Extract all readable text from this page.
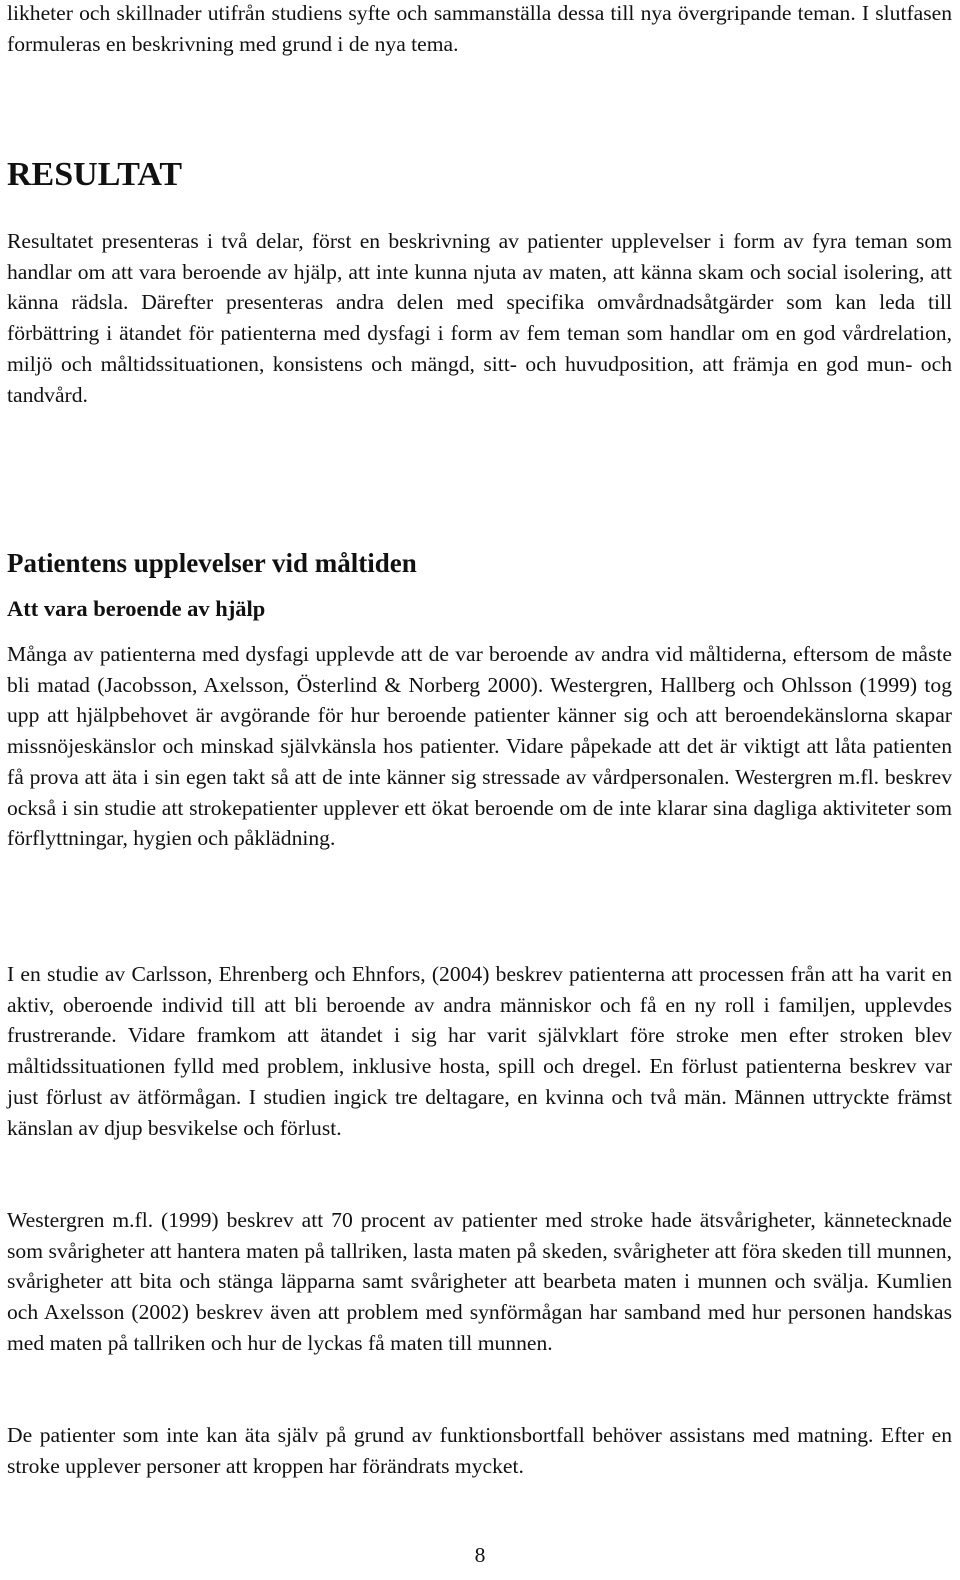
likheter och skillnader utifrån studiens syfte och sammanställa dessa till nya övergripande teman. I slutfasen formuleras en beskrivning med grund i de nya tema.

RESULTAT

Resultatet presenteras i två delar, först en beskrivning av patienter upplevelser i form av fyra teman som handlar om att vara beroende av hjälp, att inte kunna njuta av maten, att känna skam och social isolering, att känna rädsla. Därefter presenteras andra delen med specifika omvårdnadsåtgärder som kan leda till förbättring i ätandet för patienterna med dysfagi i form av fem teman som handlar om en god vårdrelation, miljö och måltidssituationen, konsistens och mängd, sitt- och huvudposition, att främja en god mun- och tandvård.

Patientens upplevelser vid måltiden
Att vara beroende av hjälp

Många av patienterna med dysfagi upplevde att de var beroende av andra vid måltiderna, eftersom de måste bli matad (Jacobsson, Axelsson, Österlind & Norberg 2000). Westergren, Hallberg och Ohlsson (1999) tog upp att hjälpbehovet är avgörande för hur beroende patienter känner sig och att beroendekänslorna skapar missnöjeskänslor och minskad självkänsla hos patienter. Vidare påpekade att det är viktigt att låta patienten få prova att äta i sin egen takt så att de inte känner sig stressade av vårdpersonalen. Westergren m.fl. beskrev också i sin studie att strokepatienter upplever ett ökat beroende om de inte klarar sina dagliga aktiviteter som förflyttningar, hygien och påklädning.

I en studie av Carlsson, Ehrenberg och Ehnfors, (2004) beskrev patienterna att processen från att ha varit en aktiv, oberoende individ till att bli beroende av andra människor och få en ny roll i familjen, upplevdes frustrerande. Vidare framkom att ätandet i sig har varit självklart före stroke men efter stroken blev måltidssituationen fylld med problem, inklusive hosta, spill och dregel. En förlust patienterna beskrev var just förlust av ätförmågan. I studien ingick tre deltagare, en kvinna och två män. Männen uttryckte främst känslan av djup besvikelse och förlust.

Westergren m.fl. (1999) beskrev att 70 procent av patienter med stroke hade ätsvårigheter, kännetecknade som svårigheter att hantera maten på tallriken, lasta maten på skeden, svårigheter att föra skeden till munnen, svårigheter att bita och stänga läpparna samt svårigheter att bearbeta maten i munnen och svälja. Kumlien och Axelsson (2002) beskrev även att problem med synförmågan har samband med hur personen handskas med maten på tallriken och hur de lyckas få maten till munnen.

De patienter som inte kan äta själv på grund av funktionsbortfall behöver assistans med matning. Efter en stroke upplever personer att kroppen har förändrats mycket.

8
